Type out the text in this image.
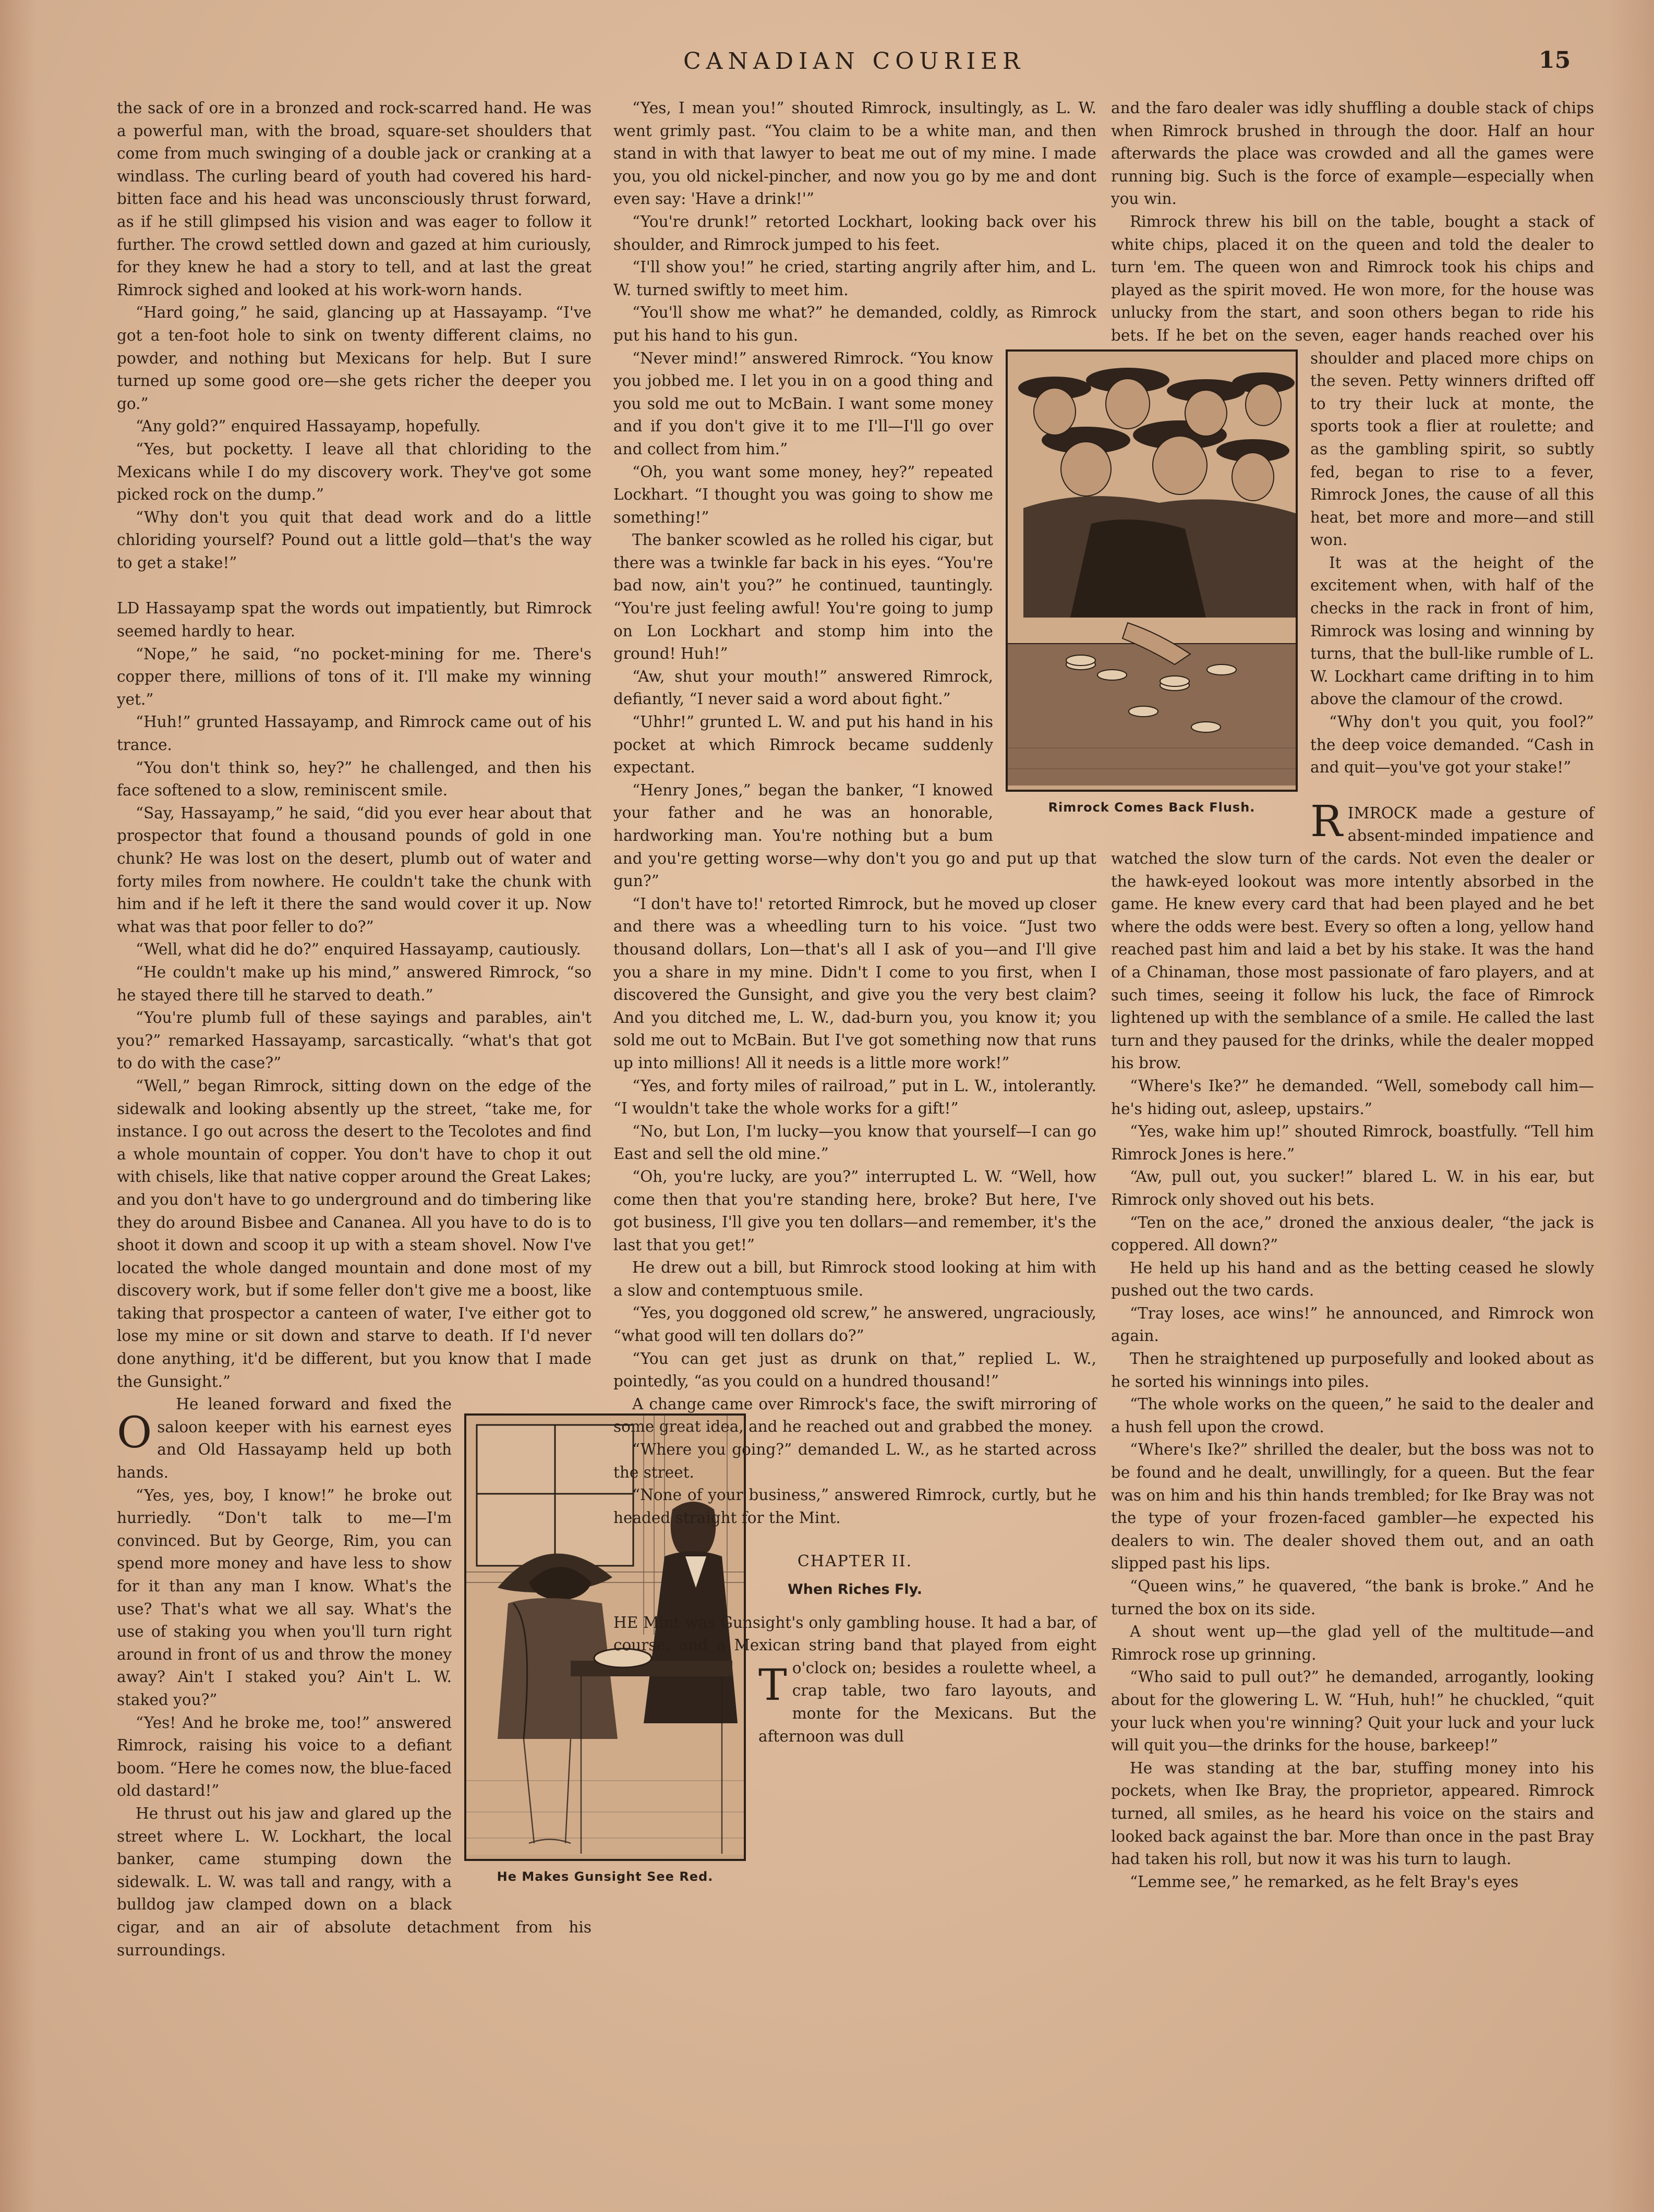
CANADIAN COURIER	15

the sack of ore in a bronzed and rock-scarred hand. He was a powerful man, with the broad, square-set shoulders that come from much swinging of a double jack or cranking at a windlass. The curling beard of youth had covered his hard-bitten face and his head was unconsciously thrust forward, as if he still glimpsed his vision and was eager to follow it further. The crowd settled down and gazed at him curiously, for they knew he had a story to tell, and at last the great Rimrock sighed and looked at his work-worn hands.

“Hard going,” he said, glancing up at Hassayamp. “I've got a ten-foot hole to sink on twenty different claims, no powder, and nothing but Mexicans for help. But I sure turned up some good ore—she gets richer the deeper you go.”

“Any gold?” enquired Hassayamp, hopefully.

“Yes, but pocketty. I leave all that chloriding to the Mexicans while I do my discovery work. They've got some picked rock on the dump.”

“Why don't you quit that dead work and do a little chloriding yourself? Pound out a little gold—that's the way to get a stake!”

O
LD Hassayamp spat the words out impatiently, but Rimrock seemed hardly to hear.

“Nope,” he said, “no pocket-mining for me. There's copper there, millions of tons of it. I'll make my winning yet.”

“Huh!” grunted Hassayamp, and Rimrock came out of his trance.

“You don't think so, hey?” he challenged, and then his face softened to a slow, reminiscent smile.

“Say, Hassayamp,” he said, “did you ever hear about that prospector that found a thousand pounds of gold in one chunk? He was lost on the desert, plumb out of water and forty miles from nowhere. He couldn't take the chunk with him and if he left it there the sand would cover it up. Now what was that poor feller to do?”

“Well, what did he do?” enquired Hassayamp, cautiously.

“He couldn't make up his mind,” answered Rimrock, “so he stayed there till he starved to death.”

“You're plumb full of these sayings and parables, ain't you?” remarked Hassayamp, sarcastically. “what's that got to do with the case?”

“Well,” began Rimrock, sitting down on the edge of the sidewalk and looking absently up the street, “take me, for instance. I go out across the desert to the Tecolotes and find a whole mountain of copper. You don't have to chop it out with chisels, like that native copper around the Great Lakes; and you don't have to go underground and do timbering like they do around Bisbee and Cananea. All you have to do is to shoot it down and scoop it up with a steam shovel. Now I've located the whole danged mountain and done most of my discovery work, but if some feller don't give me a boost, like taking that prospector a canteen of water, I've either got to lose my mine or sit down and starve to death. If I'd never done anything, it'd be different, but you know that I made the Gunsight.”

He leaned forward and fixed the saloon keeper with his earnest eyes and Old Hassayamp held up both hands.

“Yes, yes, boy, I know!” he broke out hurriedly. “Don't talk to me—I'm convinced. But by George, Rim, you can spend more money and have less to show for it than any man I know. What's the use? That's what we all say. What's the use of staking you when you'll turn right around in front of us and throw the money away? Ain't I staked you? Ain't L. W. staked you?”

“Yes! And he broke me, too!” answered Rimrock, raising his voice to a defiant boom. “Here he comes now, the blue-faced old dastard!”

He thrust out his jaw and glared up the street where L. W. Lockhart, the local banker, came stumping down the sidewalk. L. W. was tall and rangy, with a bulldog jaw clamped down on a black cigar, and an air of absolute detachment from his surroundings.

He Makes Gunsight See Red.

“Yes, I mean you!” shouted Rimrock, insultingly, as L. W. went grimly past. “You claim to be a white man, and then stand in with that lawyer to beat me out of my mine. I made you, you old nickel-pincher, and now you go by me and dont even say: 'Have a drink!'”

“You're drunk!” retorted Lockhart, looking back over his shoulder, and Rimrock jumped to his feet.

“I'll show you!” he cried, starting angrily after him, and L. W. turned swiftly to meet him.

“You'll show me what?” he demanded, coldly, as Rimrock put his hand to his gun.

“Never mind!” answered Rimrock. “You know you jobbed me. I let you in on a good thing and you sold me out to McBain. I want some money and if you don't give it to me I'll—I'll go over and collect from him.”

“Oh, you want some money, hey?” repeated Lockhart. “I thought you was going to show me something!”

The banker scowled as he rolled his cigar, but there was a twinkle far back in his eyes. “You're bad now, ain't you?” he continued, tauntingly. “You're just feeling awful! You're going to jump on Lon Lockhart and stomp him into the ground! Huh!”

“Aw, shut your mouth!” answered Rimrock, defiantly, “I never said a word about fight.”

“Uhhr!” grunted L. W. and put his hand in his pocket at which Rimrock became suddenly expectant.

“Henry Jones,” began the banker, “I knowed your father and he was an honorable, hardworking man. You're nothing but a bum and you're getting worse—why don't you go and put up that gun?”

“I don't have to!' retorted Rimrock, but he moved up closer and there was a wheedling turn to his voice. “Just two thousand dollars, Lon—that's all I ask of you—and I'll give you a share in my mine. Didn't I come to you first, when I discovered the Gunsight, and give you the very best claim? And you ditched me, L. W., dad-burn you, you know it; you sold me out to McBain. But I've got something now that runs up into millions! All it needs is a little more work!”

“Yes, and forty miles of railroad,” put in L. W., intolerantly. “I wouldn't take the whole works for a gift!”

“No, but Lon, I'm lucky—you know that yourself—I can go East and sell the old mine.”

“Oh, you're lucky, are you?” interrupted L. W. “Well, how come then that you're standing here, broke? But here, I've got business, I'll give you ten dollars—and remember, it's the last that you get!”

He drew out a bill, but Rimrock stood looking at him with a slow and contemptuous smile.

“Yes, you doggoned old screw,” he answered, ungraciously, “what good will ten dollars do?”

“You can get just as drunk on that,” replied L. W., pointedly, “as you could on a hundred thousand!”

A change came over Rimrock's face, the swift mirroring of some great idea, and he reached out and grabbed the money.

“Where you going?” demanded L. W., as he started across the street.

“None of your business,” answered Rimrock, curtly, but he headed straight for the Mint.

CHAPTER II.

When Riches Fly.

T
HE Mint was Gunsight's only gambling house. It had a bar, of course, and a Mexican string band that played from eight o'clock on; besides a roulette wheel, a crap table, two faro layouts, and monte for the Mexicans. But the afternoon was dull

Rimrock Comes Back Flush.

and the faro dealer was idly shuffling a double stack of chips when Rimrock brushed in through the door. Half an hour afterwards the place was crowded and all the games were running big. Such is the force of example—especially when you win.

Rimrock threw his bill on the table, bought a stack of white chips, placed it on the queen and told the dealer to turn 'em. The queen won and Rimrock took his chips and played as the spirit moved. He won more, for the house was unlucky from the start, and soon others began to ride his bets. If he bet on the seven, eager hands reached over his shoulder and placed more chips on the seven. Petty winners drifted off to try their luck at monte, the sports took a flier at roulette; and as the gambling spirit, so subtly fed, began to rise to a fever, Rimrock Jones, the cause of all this heat, bet more and more—and still won.

It was at the height of the excitement when, with half of the checks in the rack in front of him, Rimrock was losing and winning by turns, that the bull-like rumble of L. W. Lockhart came drifting in to him above the clamour of the crowd.

“Why don't you quit, you fool?” the deep voice demanded. “Cash in and quit—you've got your stake!”

RIMROCK made a gesture of absent-minded impatience and watched the slow turn of the cards. Not even the dealer or the hawk-eyed lookout was more intently absorbed in the game. He knew every card that had been played and he bet where the odds were best. Every so often a long, yellow hand reached past him and laid a bet by his stake. It was the hand of a Chinaman, those most passionate of faro players, and at such times, seeing it follow his luck, the face of Rimrock lightened up with the semblance of a smile. He called the last turn and they paused for the drinks, while the dealer mopped his brow.

“Where's Ike?” he demanded. “Well, somebody call him—he's hiding out, asleep, upstairs.”

“Yes, wake him up!” shouted Rimrock, boastfully. “Tell him Rimrock Jones is here.”

“Aw, pull out, you sucker!” blared L. W. in his ear, but Rimrock only shoved out his bets.

“Ten on the ace,” droned the anxious dealer, “the jack is coppered. All down?”

He held up his hand and as the betting ceased he slowly pushed out the two cards.

“Tray loses, ace wins!” he announced, and Rimrock won again.

Then he straightened up purposefully and looked about as he sorted his winnings into piles.

“The whole works on the queen,” he said to the dealer and a hush fell upon the crowd.

“Where's Ike?” shrilled the dealer, but the boss was not to be found and he dealt, unwillingly, for a queen. But the fear was on him and his thin hands trembled; for Ike Bray was not the type of your frozen-faced gambler—he expected his dealers to win. The dealer shoved them out, and an oath slipped past his lips.

“Queen wins,” he quavered, “the bank is broke.” And he turned the box on its side.

A shout went up—the glad yell of the multitude—and Rimrock rose up grinning.

“Who said to pull out?” he demanded, arrogantly, looking about for the glowering L. W. “Huh, huh!” he chuckled, “quit your luck when you're winning? Quit your luck and your luck will quit you—the drinks for the house, barkeep!”

He was standing at the bar, stuffing money into his pockets, when Ike Bray, the proprietor, appeared. Rimrock turned, all smiles, as he heard his voice on the stairs and looked back against the bar. More than once in the past Bray had taken his roll, but now it was his turn to laugh.

“Lemme see,” he remarked, as he felt Bray's eyes
